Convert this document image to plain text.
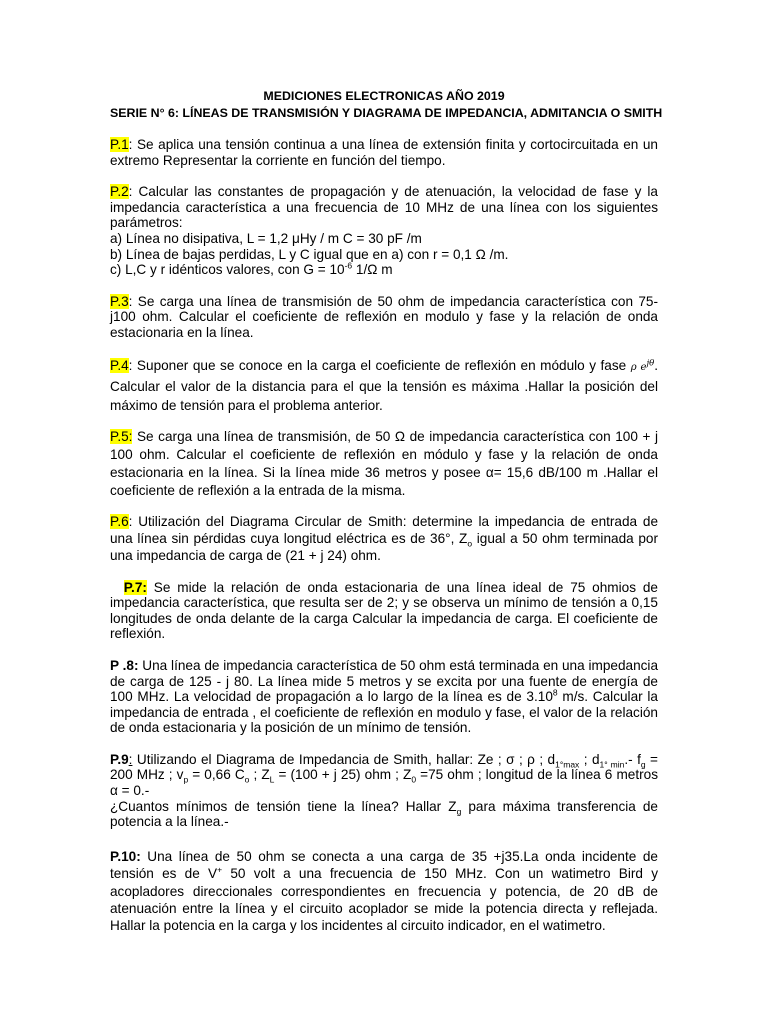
MEDICIONES ELECTRONICAS AÑO 2019
SERIE N° 6: LÍNEAS DE TRANSMISIÓN Y DIAGRAMA DE IMPEDANCIA, ADMITANCIA O SMITH

P.1: Se aplica una tensión continua a una línea de extensión finita y cortocircuitada en un extremo Representar la corriente en función del tiempo.

P.2: Calcular las constantes de propagación y de atenuación, la velocidad de fase y la impedancia característica a una frecuencia de 10 MHz de una línea con los siguientes parámetros:
a) Línea no disipativa, L = 1,2 μHy / m C = 30 pF /m
b) Línea de bajas perdidas, L y C igual que en a) con r = 0,1 Ω /m.
c) L,C y r idénticos valores, con $G = 10^{-6}$ 1/Ω m

P.3: Se carga una línea de transmisión de 50 ohm de impedancia característica con 75-j100 ohm. Calcular el coeficiente de reflexión en modulo y fase y la relación de onda estacionaria en la línea.

P.4: Suponer que se conoce en la carga el coeficiente de reflexión en módulo y fase ρ $e^{j\theta}$. Calcular el valor de la distancia para el que la tensión es máxima .Hallar la posición del máximo de tensión para el problema anterior.

P.5: Se carga una línea de transmisión, de 50 Ω de impedancia característica con 100 + j 100 ohm. Calcular el coeficiente de reflexión en módulo y fase y la relación de onda estacionaria en la línea. Si la línea mide 36 metros y posee α= 15,6 dB/100 m .Hallar el coeficiente de reflexión a la entrada de la misma.

P.6: Utilización del Diagrama Circular de Smith: determine la impedancia de entrada de una línea sin pérdidas cuya longitud eléctrica es de 36°, $Z_o$ igual a 50 ohm terminada por una impedancia de carga de (21 + j 24) ohm.

P.7: Se mide la relación de onda estacionaria de una línea ideal de 75 ohmios de impedancia característica, que resulta ser de 2; y se observa un mínimo de tensión a 0,15 longitudes de onda delante de la carga Calcular la impedancia de carga. El coeficiente de reflexión.

P .8: Una línea de impedancia característica de 50 ohm está terminada en una impedancia de carga de 125 - j 80. La línea mide 5 metros y se excita por una fuente de energía de 100 MHz. La velocidad de propagación a lo largo de la línea es de 3.10$^8$ m/s. Calcular la impedancia de entrada , el coeficiente de reflexión en modulo y fase, el valor de la relación de onda estacionaria y la posición de un mínimo de tensión.

P.9: Utilizando el Diagrama de Impedancia de Smith, hallar: Ze ; σ ; ρ ; $d_{1^\circ max}$ ; $d_{1^\circ min}.-$ $f_g = 200$ MHz ; $v_p = 0,66$ $C_o$ ; $Z_L = (100 + j$ 25) ohm ; $Z_0 =75$ ohm ; longitud de la línea 6 metros α = 0.-
¿Cuantos mínimos de tensión tiene la línea? Hallar $Z_g$ para máxima transferencia de potencia a la línea.-

P.10: Una línea de 50 ohm se conecta a una carga de 35 +j35.La onda incidente de tensión es de V+ 50 volt a una frecuencia de 150 MHz. Con un watimetro Bird y acopladores direccionales correspondientes en frecuencia y potencia, de 20 dB de atenuación entre la línea y el circuito acoplador se mide la potencia directa y reflejada. Hallar la potencia en la carga y los incidentes al circuito indicador, en el watimetro.
